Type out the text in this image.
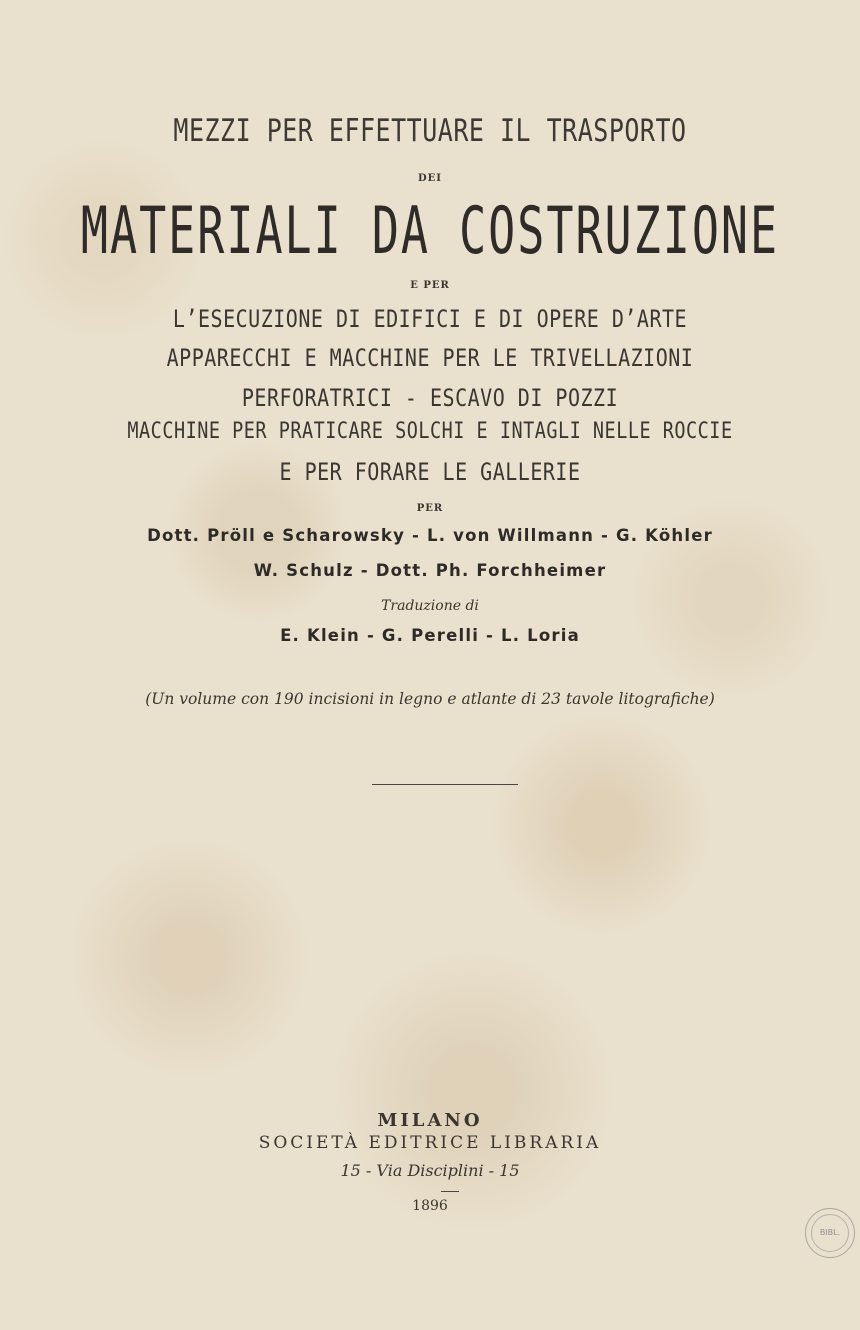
MEZZI PER EFFETTUARE IL TRASPORTO
DEI
MATERIALI DA COSTRUZIONE
E PER
L’ESECUZIONE DI EDIFICI E DI OPERE D’ARTE
APPARECCHI E MACCHINE PER LE TRIVELLAZIONI
PERFORATRICI - ESCAVO DI POZZI
MACCHINE PER PRATICARE SOLCHI E INTAGLI NELLE ROCCIE
E PER FORARE LE GALLERIE
PER
Dott. Pröll e Scharowsky - L. von Willmann - G. Köhler
W. Schulz - Dott. Ph. Forchheimer
Traduzione di
E. Klein - G. Perelli - L. Loria
(Un volume con 190 incisioni in legno e atlante di 23 tavole litografiche)
MILANO
SOCIETÀ EDITRICE LIBRARIA
15 - Via Disciplini - 15
1896
BIBL.
